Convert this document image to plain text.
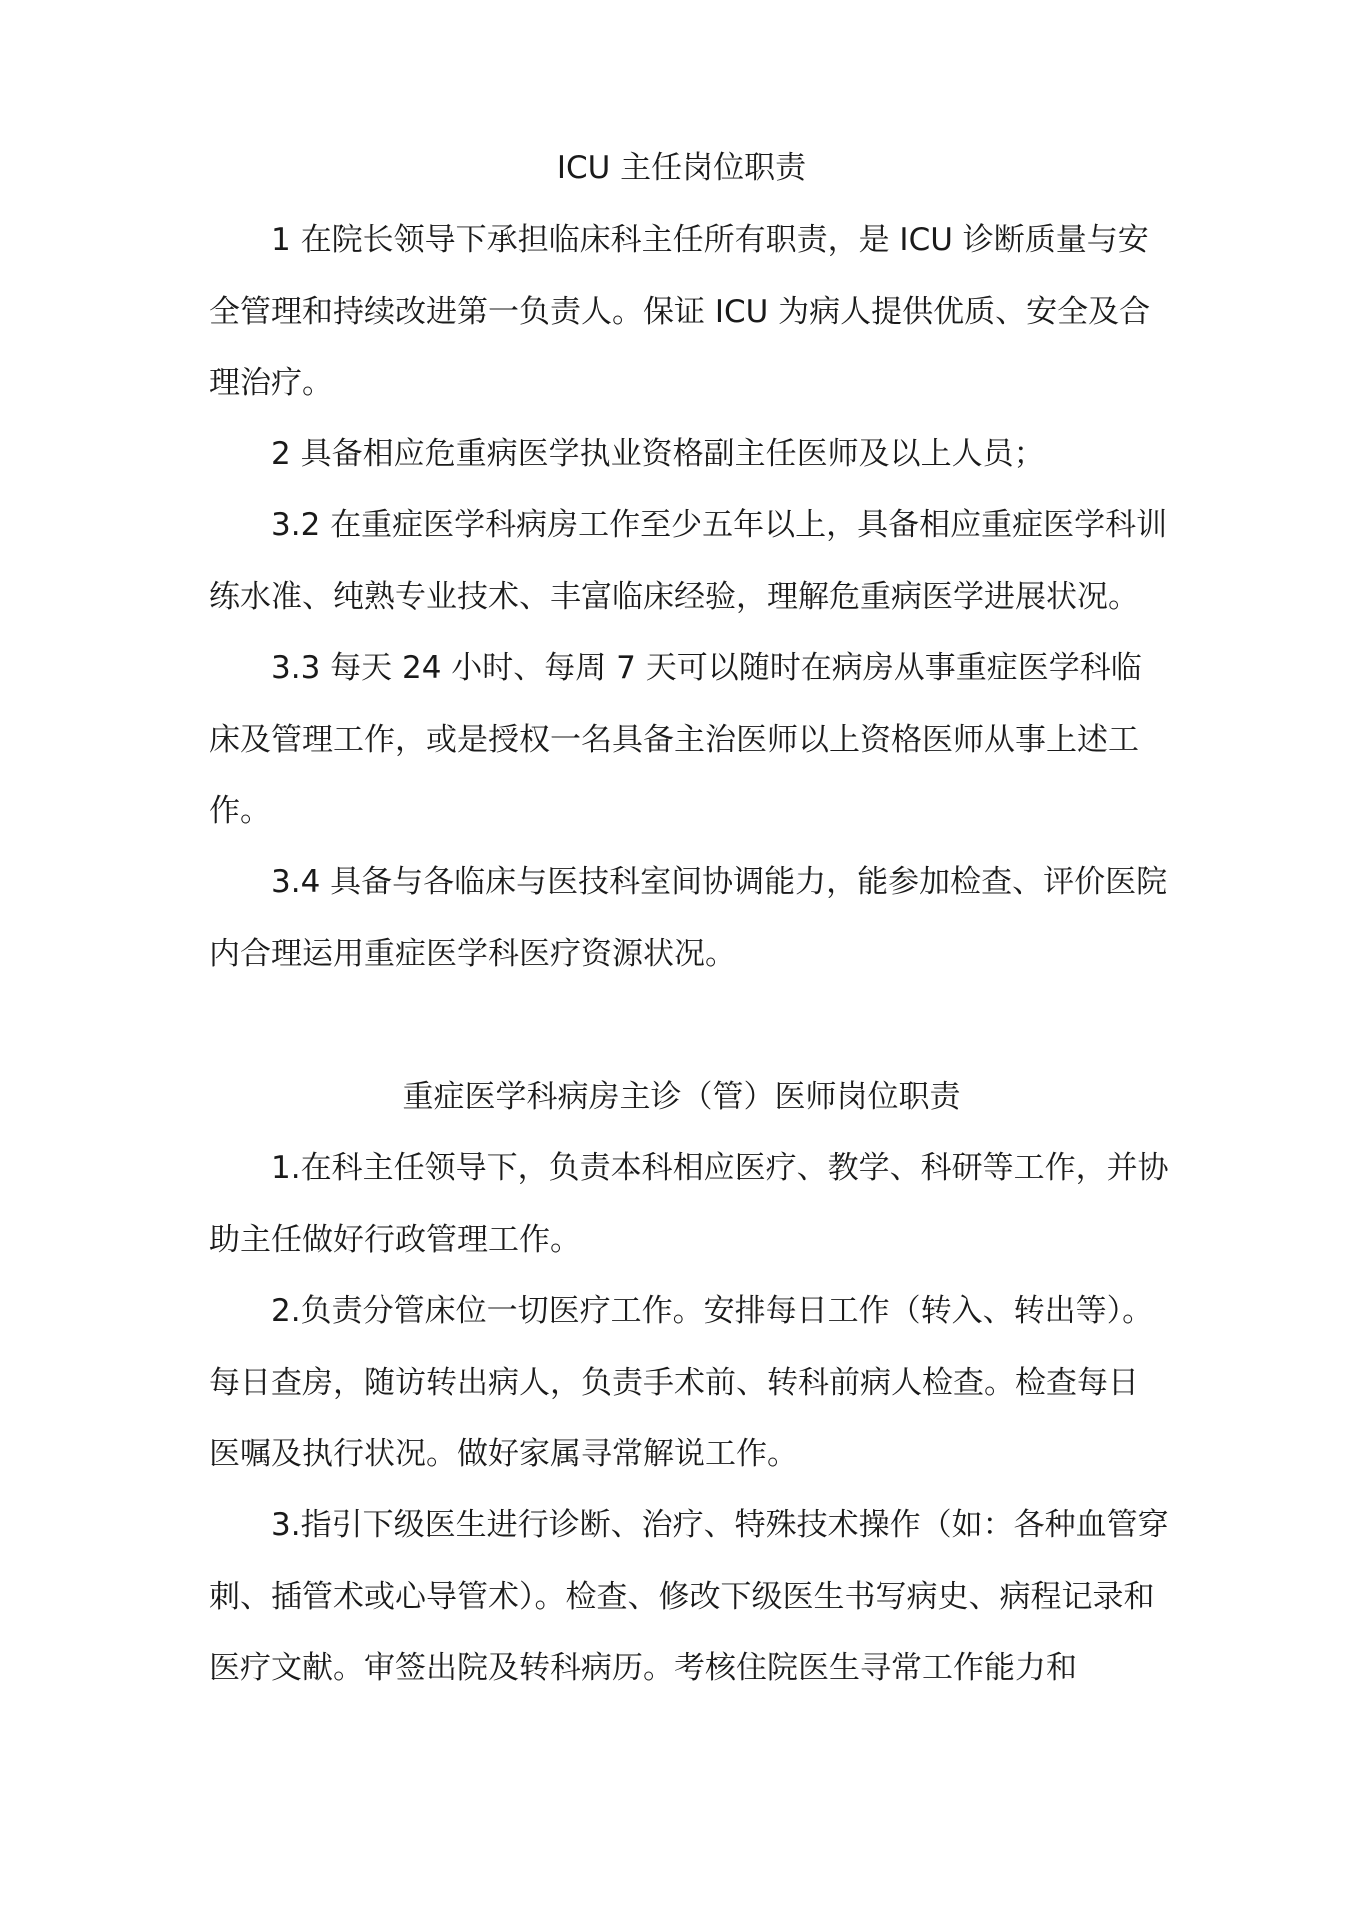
ICU 主任岗位职责

1 在院长领导下承担临床科主任所有职责，是 ICU 诊断质量与安全管理和持续改进第一负责人。保证 ICU 为病人提供优质、安全及合理治疗。

2 具备相应危重病医学执业资格副主任医师及以上人员；

3.2 在重症医学科病房工作至少五年以上，具备相应重症医学科训练水准、纯熟专业技术、丰富临床经验，理解危重病医学进展状况。

3.3 每天 24 小时、每周 7 天可以随时在病房从事重症医学科临床及管理工作，或是授权一名具备主治医师以上资格医师从事上述工作。

3.4 具备与各临床与医技科室间协调能力，能参加检查、评价医院内合理运用重症医学科医疗资源状况。

重症医学科病房主诊（管）医师岗位职责

1.在科主任领导下，负责本科相应医疗、教学、科研等工作，并协助主任做好行政管理工作。

2.负责分管床位一切医疗工作。安排每日工作（转入、转出等）。每日查房，随访转出病人，负责手术前、转科前病人检查。检查每日医嘱及执行状况。做好家属寻常解说工作。

3.指引下级医生进行诊断、治疗、特殊技术操作（如：各种血管穿刺、插管术或心导管术）。检查、修改下级医生书写病史、病程记录和医疗文献。审签出院及转科病历。考核住院医生寻常工作能力和
